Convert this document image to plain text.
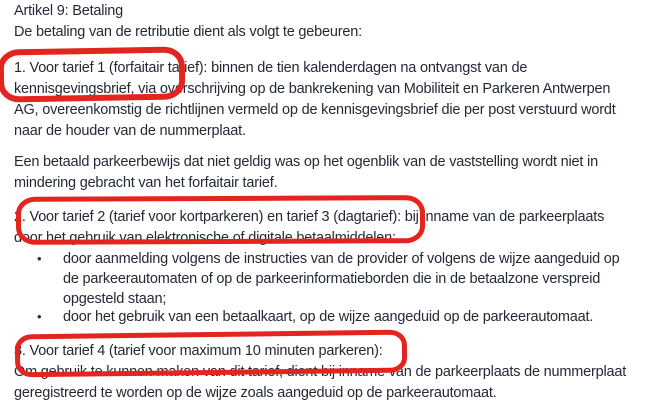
Artikel 9: Betaling
De betaling van de retributie dient als volgt te gebeuren:
1. Voor tarief 1 (forfaitair tarief): binnen de tien kalenderdagen na ontvangst van de
kennisgevingsbrief, via overschrijving op de bankrekening van Mobiliteit en Parkeren Antwerpen
AG, overeenkomstig de richtlijnen vermeld op de kennisgevingsbrief die per post verstuurd wordt
naar de houder van de nummerplaat.
Een betaald parkeerbewijs dat niet geldig was op het ogenblik van de vaststelling wordt niet in
mindering gebracht van het forfaitair tarief.
2. Voor tarief 2 (tarief voor kortparkeren) en tarief 3 (dagtarief): bij inname van de parkeerplaats
door het gebruik van elektronische of digitale betaalmiddelen:
•	door aanmelding volgens de instructies van de provider of volgens de wijze aangeduid op
de parkeerautomaten of op de parkeerinformatieborden die in de betaalzone verspreid
opgesteld staan;
•	door het gebruik van een betaalkaart, op de wijze aangeduid op de parkeerautomaat.
3. Voor tarief 4 (tarief voor maximum 10 minuten parkeren):
Om gebruik te kunnen maken van dit tarief, dient bij inname van de parkeerplaats de nummerplaat
geregistreerd te worden op de wijze zoals aangeduid op de parkeerautomaat.
